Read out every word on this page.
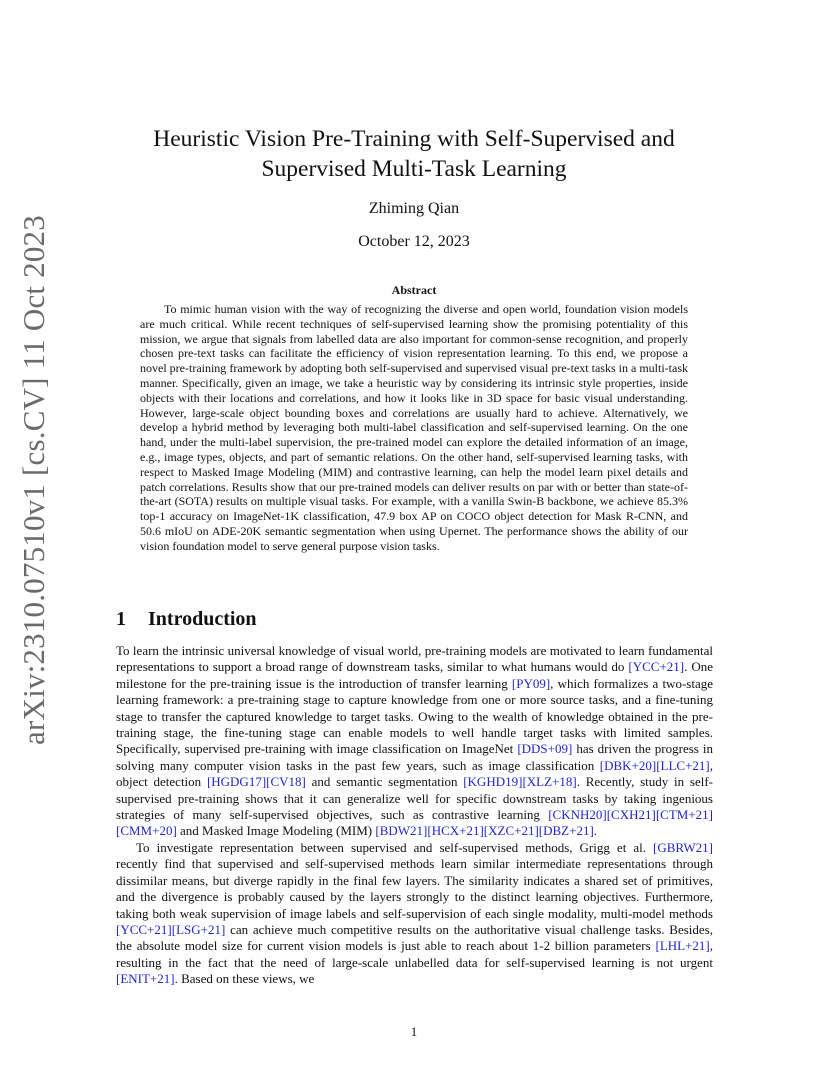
arXiv:2310.07510v1 [cs.CV] 11 Oct 2023
Heuristic Vision Pre-Training with Self-Supervised and
Supervised Multi-Task Learning
Zhiming Qian
October 12, 2023
Abstract

To mimic human vision with the way of recognizing the diverse and open world, foundation vision models are much critical. While recent techniques of self-supervised learning show the promising potentiality of this mission, we argue that signals from labelled data are also important for common-sense recognition, and properly chosen pre-text tasks can facilitate the efficiency of vision representation learning. To this end, we propose a novel pre-training framework by adopting both self-supervised and supervised visual pre-text tasks in a multi-task manner. Specifically, given an image, we take a heuristic way by considering its intrinsic style properties, inside objects with their locations and correlations, and how it looks like in 3D space for basic visual understanding. However, large-scale object bounding boxes and correlations are usually hard to achieve. Alternatively, we develop a hybrid method by leveraging both multi-label classification and self-supervised learning. On the one hand, under the multi-label supervision, the pre-trained model can explore the detailed information of an image, e.g., image types, objects, and part of semantic relations. On the other hand, self-supervised learning tasks, with respect to Masked Image Modeling (MIM) and contrastive learning, can help the model learn pixel details and patch correlations. Results show that our pre-trained models can deliver results on par with or better than state-of-the-art (SOTA) results on multiple visual tasks. For example, with a vanilla Swin-B backbone, we achieve 85.3% top-1 accuracy on ImageNet-1K classification, 47.9 box AP on COCO object detection for Mask R-CNN, and 50.6 mIoU on ADE-20K semantic segmentation when using Upernet. The performance shows the ability of our vision foundation model to serve general purpose vision tasks.

1 Introduction

To learn the intrinsic universal knowledge of visual world, pre-training models are motivated to learn fundamental representations to support a broad range of downstream tasks, similar to what humans would do [YCC+21]. One milestone for the pre-training issue is the introduction of transfer learning [PY09], which formalizes a two-stage learning framework: a pre-training stage to capture knowledge from one or more source tasks, and a fine-tuning stage to transfer the captured knowledge to target tasks. Owing to the wealth of knowledge obtained in the pre-training stage, the fine-tuning stage can enable models to well handle target tasks with limited samples. Specifically, supervised pre-training with image classification on ImageNet [DDS+09] has driven the progress in solving many computer vision tasks in the past few years, such as image classification [DBK+20][LLC+21], object detection [HGDG17][CV18] and semantic segmentation [KGHD19][XLZ+18]. Recently, study in self-supervised pre-training shows that it can generalize well for specific downstream tasks by taking ingenious strategies of many self-supervised objectives, such as contrastive learning [CKNH20][CXH21][CTM+21][CMM+20] and Masked Image Modeling (MIM) [BDW21][HCX+21][XZC+21][DBZ+21].

To investigate representation between supervised and self-supervised methods, Grigg et al. [GBRW21] recently find that supervised and self-supervised methods learn similar intermediate representations through dissimilar means, but diverge rapidly in the final few layers. The similarity indicates a shared set of primitives, and the divergence is probably caused by the layers strongly to the distinct learning objectives. Furthermore, taking both weak supervision of image labels and self-supervision of each single modality, multi-model methods [YCC+21][LSG+21] can achieve much competitive results on the authoritative visual challenge tasks. Besides, the absolute model size for current vision models is just able to reach about 1-2 billion parameters [LHL+21], resulting in the fact that the need of large-scale unlabelled data for self-supervised learning is not urgent [ENIT+21]. Based on these views, we

1
